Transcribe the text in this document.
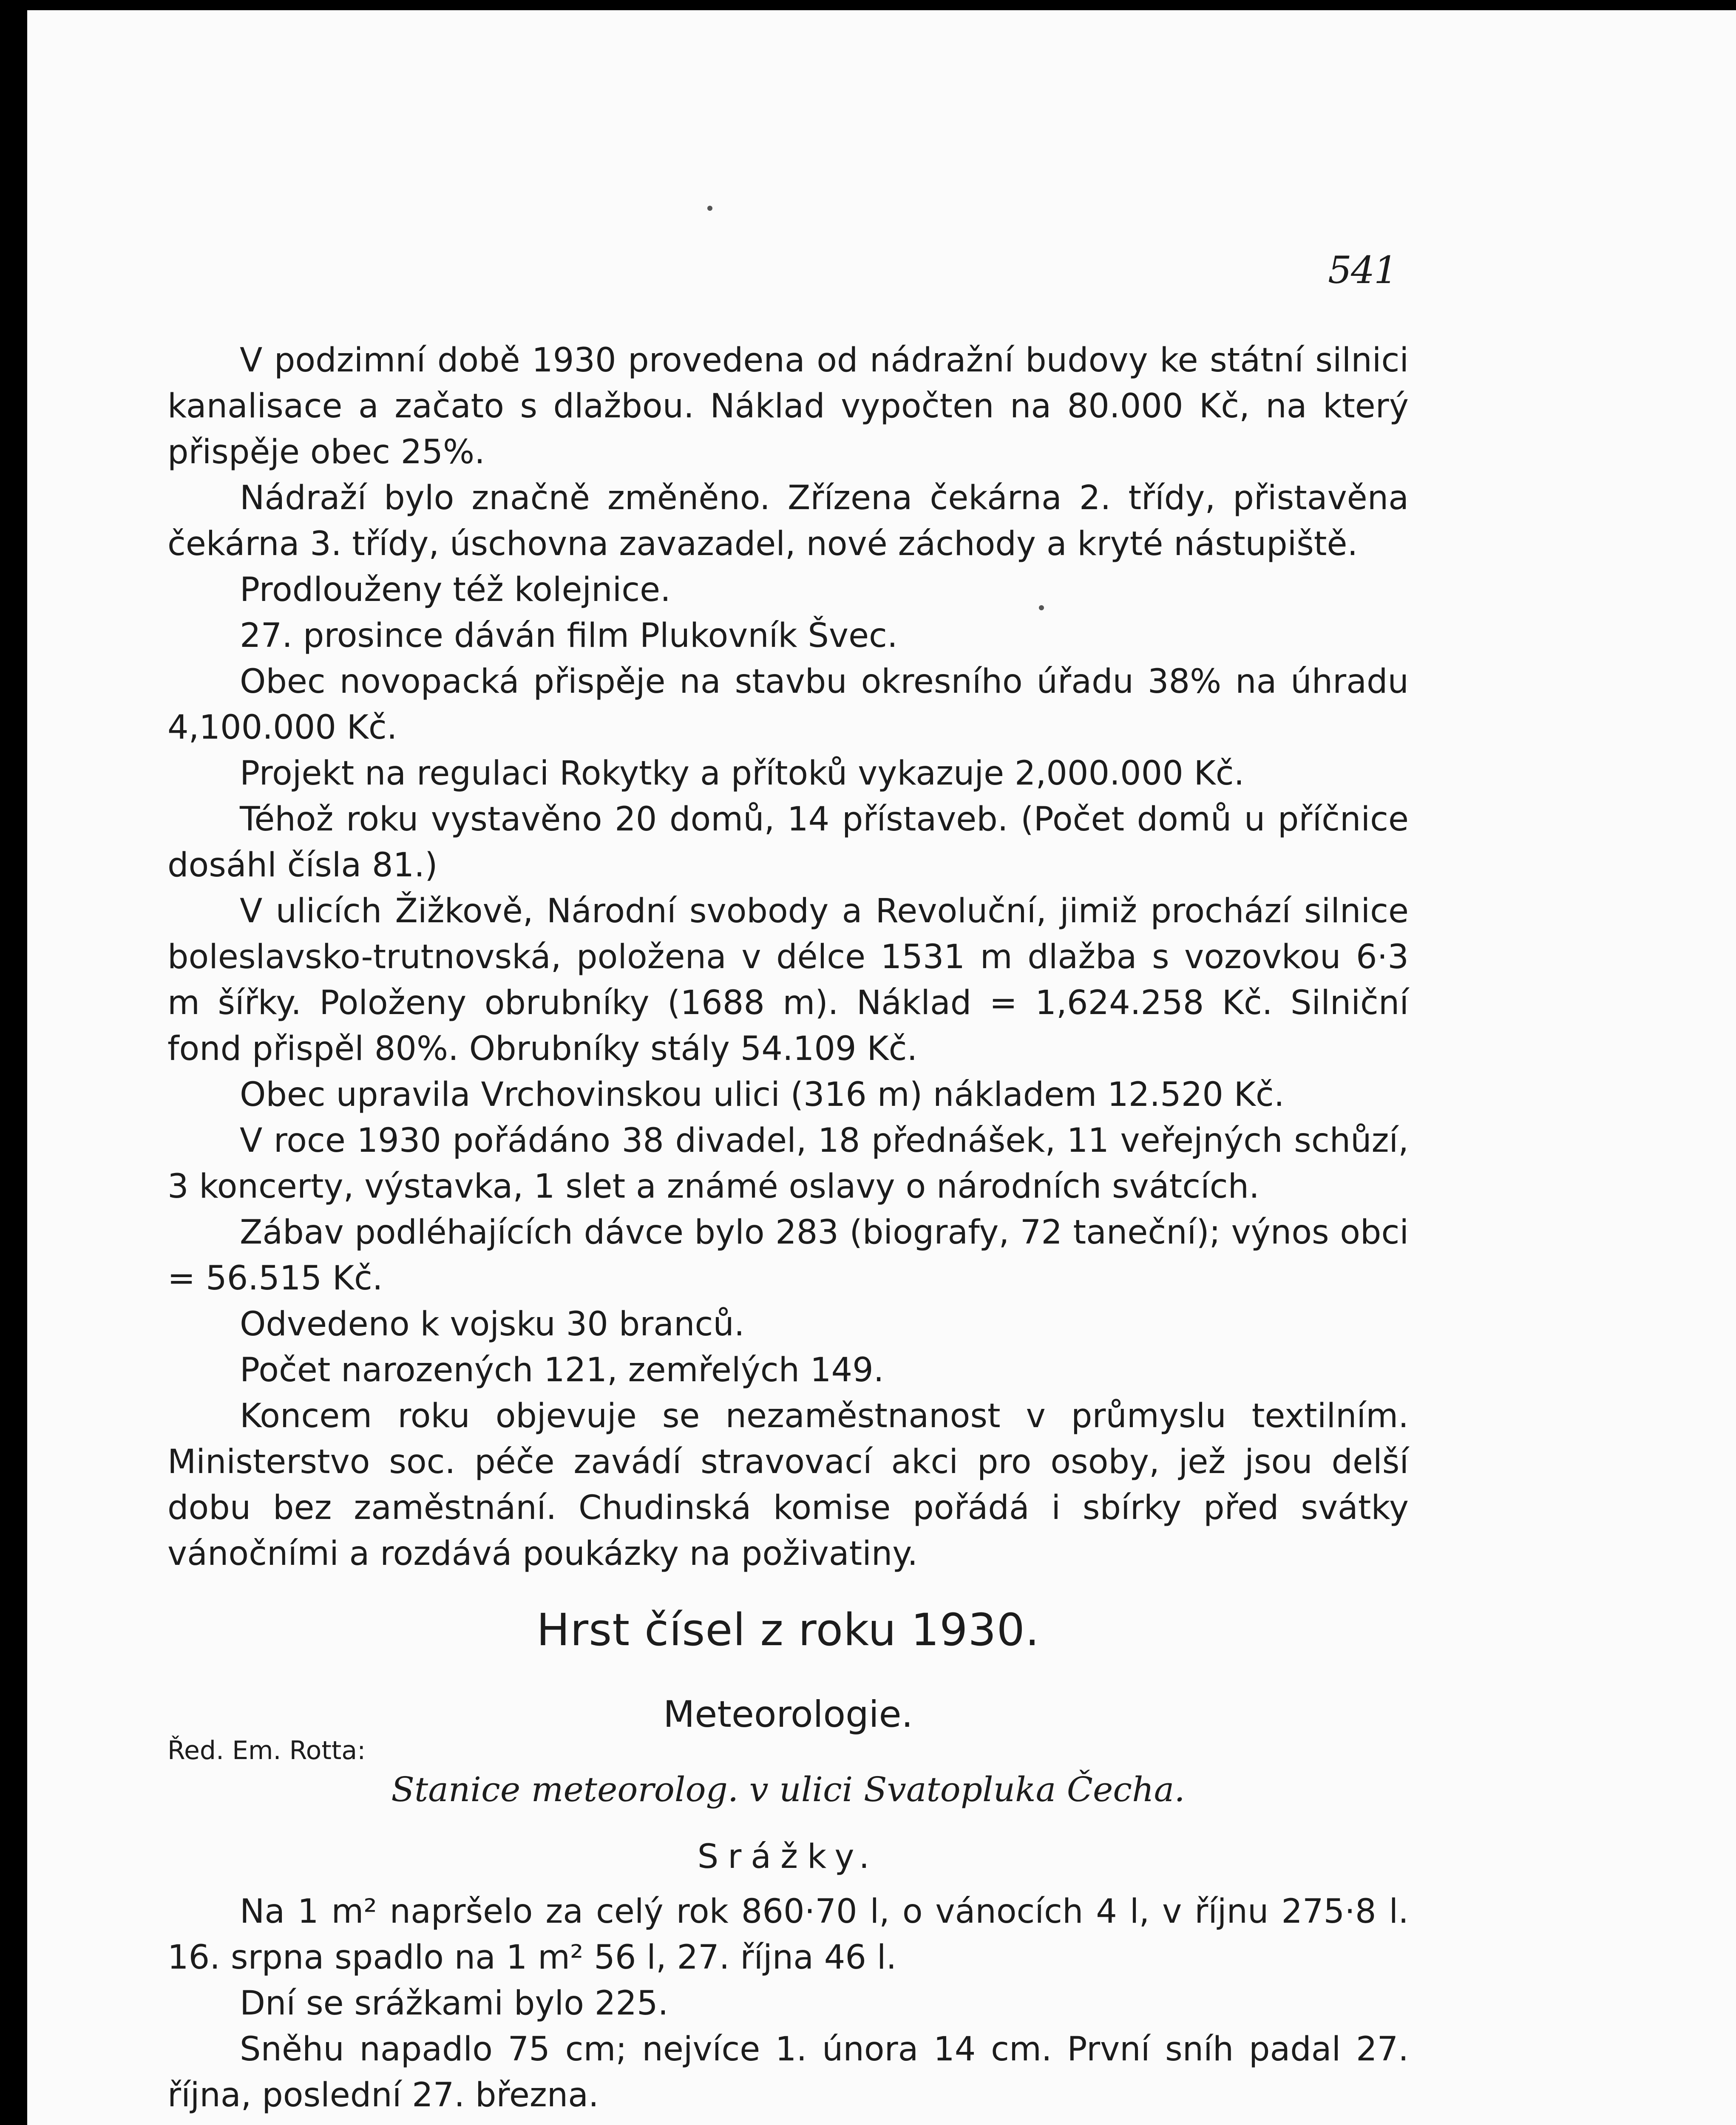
541

V podzimní době 1930 provedena od nádražní budovy ke státní silnici kanalisace a začato s dlažbou. Náklad vypočten na 80.000 Kč, na který přispěje obec 25%.

Nádraží bylo značně změněno. Zřízena čekárna 2. třídy, přistavěna čekárna 3. třídy, úschovna zavazadel, nové záchody a kryté nástupiště.

Prodlouženy též kolejnice.

27. prosince dáván film Plukovník Švec.

Obec novopacká přispěje na stavbu okresního úřadu 38% na úhradu 4,100.000 Kč.

Projekt na regulaci Rokytky a přítoků vykazuje 2,000.000 Kč.

Téhož roku vystavěno 20 domů, 14 přístaveb. (Počet domů u příčnice dosáhl čísla 81.)

V ulicích Žižkově, Národní svobody a Revoluční, jimiž prochází silnice boleslavsko-trutnovská, položena v délce 1531 m dlažba s vozovkou 6·3 m šířky. Položeny obrubníky (1688 m). Náklad = 1,624.258 Kč. Silniční fond přispěl 80%. Obrubníky stály 54.109 Kč.

Obec upravila Vrchovinskou ulici (316 m) nákladem 12.520 Kč.

V roce 1930 pořádáno 38 divadel, 18 přednášek, 11 veřejných schůzí, 3 koncerty, výstavka, 1 slet a známé oslavy o národních svátcích.

Zábav podléhajících dávce bylo 283 (biografy, 72 taneční); výnos obci = 56.515 Kč.

Odvedeno k vojsku 30 branců.

Počet narozených 121, zemřelých 149.

Koncem roku objevuje se nezaměstnanost v průmyslu textilním. Ministerstvo soc. péče zavádí stravovací akci pro osoby, jež jsou delší dobu bez zaměstnání. Chudinská komise pořádá i sbírky před svátky vánočními a rozdává poukázky na poživatiny.

Hrst čísel z roku 1930.
Meteorologie.
Řed. Em. Rotta:
Stanice meteorolog. v ulici Svatopluka Čecha.
Srážky.

Na 1 m² napršelo za celý rok 860·70 l, o vánocích 4 l, v říjnu 275·8 l. 16. srpna spadlo na 1 m² 56 l, 27. října 46 l.

Dní se srážkami bylo 225.

Sněhu napadlo 75 cm; nejvíce 1. února 14 cm. První sníh padal 27. října, poslední 27. března.
